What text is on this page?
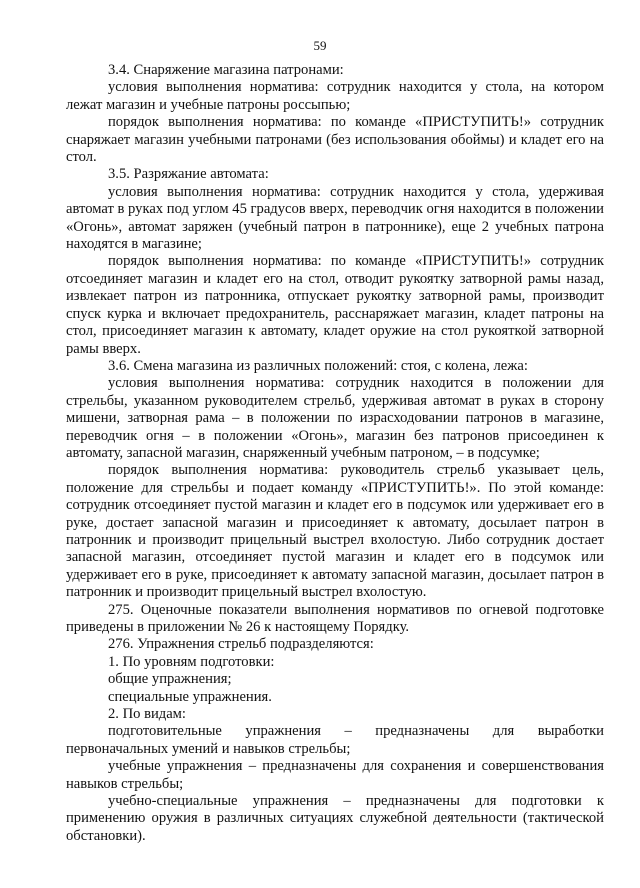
59

3.4. Снаряжение магазина патронами:

условия выполнения норматива: сотрудник находится у стола, на котором лежат магазин и учебные патроны россыпью;

порядок выполнения норматива: по команде «ПРИСТУПИТЬ!» сотрудник снаряжает магазин учебными патронами (без использования обоймы) и кладет его на стол.

3.5. Разряжание автомата:

условия выполнения норматива: сотрудник находится у стола, удерживая автомат в руках под углом 45 градусов вверх, переводчик огня находится в положении «Огонь», автомат заряжен (учебный патрон в патроннике), еще 2 учебных патрона находятся в магазине;

порядок выполнения норматива: по команде «ПРИСТУПИТЬ!» сотрудник отсоединяет магазин и кладет его на стол, отводит рукоятку затворной рамы назад, извлекает патрон из патронника, отпускает рукоятку затворной рамы, производит спуск курка и включает предохранитель, расснаряжает магазин, кладет патроны на стол, присоединяет магазин к автомату, кладет оружие на стол рукояткой затворной рамы вверх.

3.6. Смена магазина из различных положений: стоя, с колена, лежа:

условия выполнения норматива: сотрудник находится в положении для стрельбы, указанном руководителем стрельб, удерживая автомат в руках в сторону мишени, затворная рама – в положении по израсходовании патронов в магазине, переводчик огня – в положении «Огонь», магазин без патронов присоединен к автомату, запасной магазин, снаряженный учебным патроном, – в подсумке;

порядок выполнения норматива: руководитель стрельб указывает цель, положение для стрельбы и подает команду «ПРИСТУПИТЬ!». По этой команде: сотрудник отсоединяет пустой магазин и кладет его в подсумок или удерживает его в руке, достает запасной магазин и присоединяет к автомату, досылает патрон в патронник и производит прицельный выстрел вхолостую. Либо сотрудник достает запасной магазин, отсоединяет пустой магазин и кладет его в подсумок или удерживает его в руке, присоединяет к автомату запасной магазин, досылает патрон в патронник и производит прицельный выстрел вхолостую.

275. Оценочные показатели выполнения нормативов по огневой подготовке приведены в приложении № 26 к настоящему Порядку.

276. Упражнения стрельб подразделяются:

1. По уровням подготовки:

общие упражнения;

специальные упражнения.

2. По видам:

подготовительные упражнения – предназначены для выработки первоначальных умений и навыков стрельбы;

учебные упражнения – предназначены для сохранения и совершенствования навыков стрельбы;

учебно-специальные упражнения – предназначены для подготовки к применению оружия в различных ситуациях служебной деятельности (тактической обстановки).
